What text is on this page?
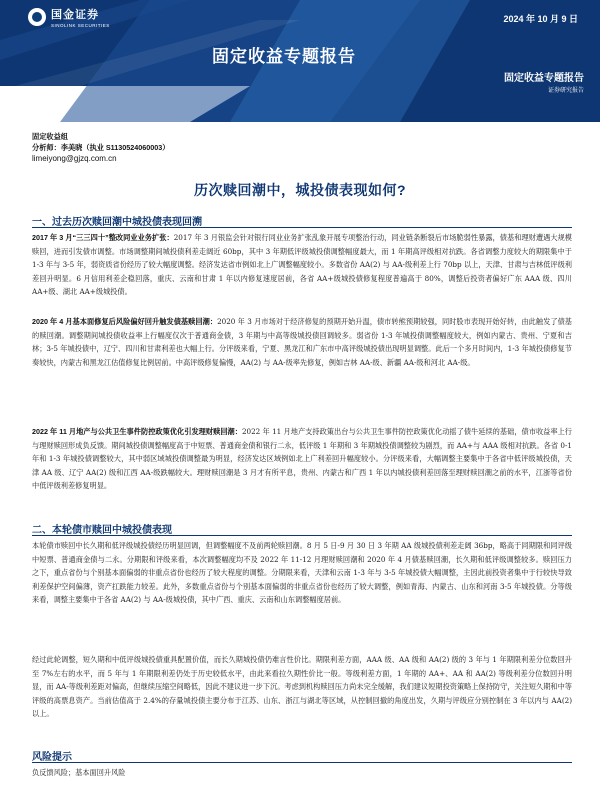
国金证券
SINOLINK SECURITIES
2024 年 10 月 9 日
固定收益专题报告
固定收益专题报告
证券研究报告
固定收益组
分析师：李美晓（执业 S1130524060003）
limeiyong@gjzq.com.cn
历次赎回潮中，城投债表现如何?
一、过去历次赎回潮中城投债表现回溯
2017 年 3 月“三三四十”整改同业业务扩张：2017 年 3 月银监会针对银行同业业务扩张乱象开展专项整治行动，同业链条断裂后市场脆弱性暴露，债基和理财遭遇大规模赎回，进而引发债市调整。市场调整期间城投债利差走阔近 60bp，其中 3 年期低评级城投债调整幅度最大，而 1 年期高评级相对抗跌。各省调整力度较大的期限集中于 1-3 年与 3-5 年，弱资质省份经历了较大幅度调整。经济发达省市例如北上广调整幅度较小。多数省份 AA(2) 与 AA-级利差上行 70bp 以上，天津、甘肃与吉林低评级利差回升明显。6 月信用利差企稳回落，重庆、云南和甘肃 1 年以内修复速度居前，各省 AA+级城投债修复程度普遍高于 80%，调整后投资者偏好广东 AAA 级、四川 AA+级、湖北 AA+级城投债。
2020 年 4 月基本面修复后风险偏好回升触发债基赎回潮：2020 年 3 月市场对于经济修复的预期开始升温，债市转熊预期较强，同时股市表现开始好转，由此触发了债基的赎回潮。调整期间城投债收益率上行幅度仅次于普通商金债，3 年期与中高等级城投债回调较多。弱省份 1-3 年城投债调整幅度较大，例如内蒙古、贵州、宁夏和吉林；3-5 年城投债中，辽宁、四川和甘肃利差也大幅上行。分评级来看，宁夏、黑龙江和广东市中高评级城投债出现明显调整。此后一个多月时间内，1-3 年城投债修复节奏较快，内蒙古和黑龙江估值修复比例居前。中高评级修复偏慢，AA(2) 与 AA-级率先修复，例如吉林 AA-级、新疆 AA-级和河北 AA-级。
2022 年 11 月地产与公共卫生事件防控政策优化引发理财赎回潮：2022 年 11 月地产支持政策出台与公共卫生事件防控政策优化动摇了债牛延续的基础，债市收益率上行与理财赎回形成负反馈。期间城投债调整幅度高于中短票、普通商金债和银行二永，低评级 1 年期和 3 年期城投债调整较为剧烈，而 AA+与 AAA 级相对抗跌。各省 0-1 年和 1-3 年城投债调整较大，其中弱区域城投债调整最为明显，经济发达区域例如北上广利差回升幅度较小。分评级来看，大幅调整主要集中于各省中低评级城投债，天津 AA 级、辽宁 AA(2) 级和江西 AA-级跌幅较大。理财赎回潮是 3 月才有所平息，贵州、内蒙古和广西 1 年以内城投债利差回落至理财赎回潮之前的水平，江浙等省份中低评级利差修复明显。
二、本轮债市赎回中城投债表现
本轮债市赎回中长久期和低评级城投债经历明显回调，但调整幅度不及前两轮赎回潮。8 月 5 日-9 月 30 日 3 年期 AA 级城投债利差走阔 36bp，略高于同期限和同评级中短票、普通商金债与二永。分期限和评级来看，本次调整幅度均不及 2022 年 11-12 月理财赎回潮和 2020 年 4 月债基赎回潮，长久期和低评级调整较多。赎回压力之下，重点省份与个别基本面偏弱的非重点省份也经历了较大程度的调整。分期限来看，天津和云南 1-3 年与 3-5 年城投债大幅调整，主因此前投资者集中于行较快导致利差保护空间偏薄，资产扛跌能力较差。此外，多数重点省份与个别基本面偏弱的非重点省份也经历了较大调整，例如青海、内蒙古、山东和河南 3-5 年城投债。分等级来看，调整主要集中于各省 AA(2) 与 AA-级城投债，其中广西、重庆、云南和山东调整幅度居前。
经过此轮调整，短久期和中低评级城投债重具配置价值，而长久期城投债仍难言性价比。期限利差方面，AAA 级、AA 级和 AA(2) 级的 3 年与 1 年期限利差分位数回升至 7%左右的水平，而 5 年与 1 年期限利差仍处于历史较低水平，由此来看拉久期性价比一般。等级利差方面，1 年期的 AA+、AA 和 AA(2) 等级利差分位数回升明显，而 AA-等级利差距对偏高，但继续压缩空间略低，因此不建议进一步下沉。考虑到机构赎回压力尚未完全缓解，我们建议短期投资策略上保持防守，关注短久期和中等评级的高票息资产。当前估值高于 2.4%的存量城投债主要分布于江苏、山东、浙江与湖北等区域，从控制回撤的角度出发，久期与评级应分别控制在 3 年以内与 AA(2) 以上。
风险提示
负反馈风险；基本面回升风险
